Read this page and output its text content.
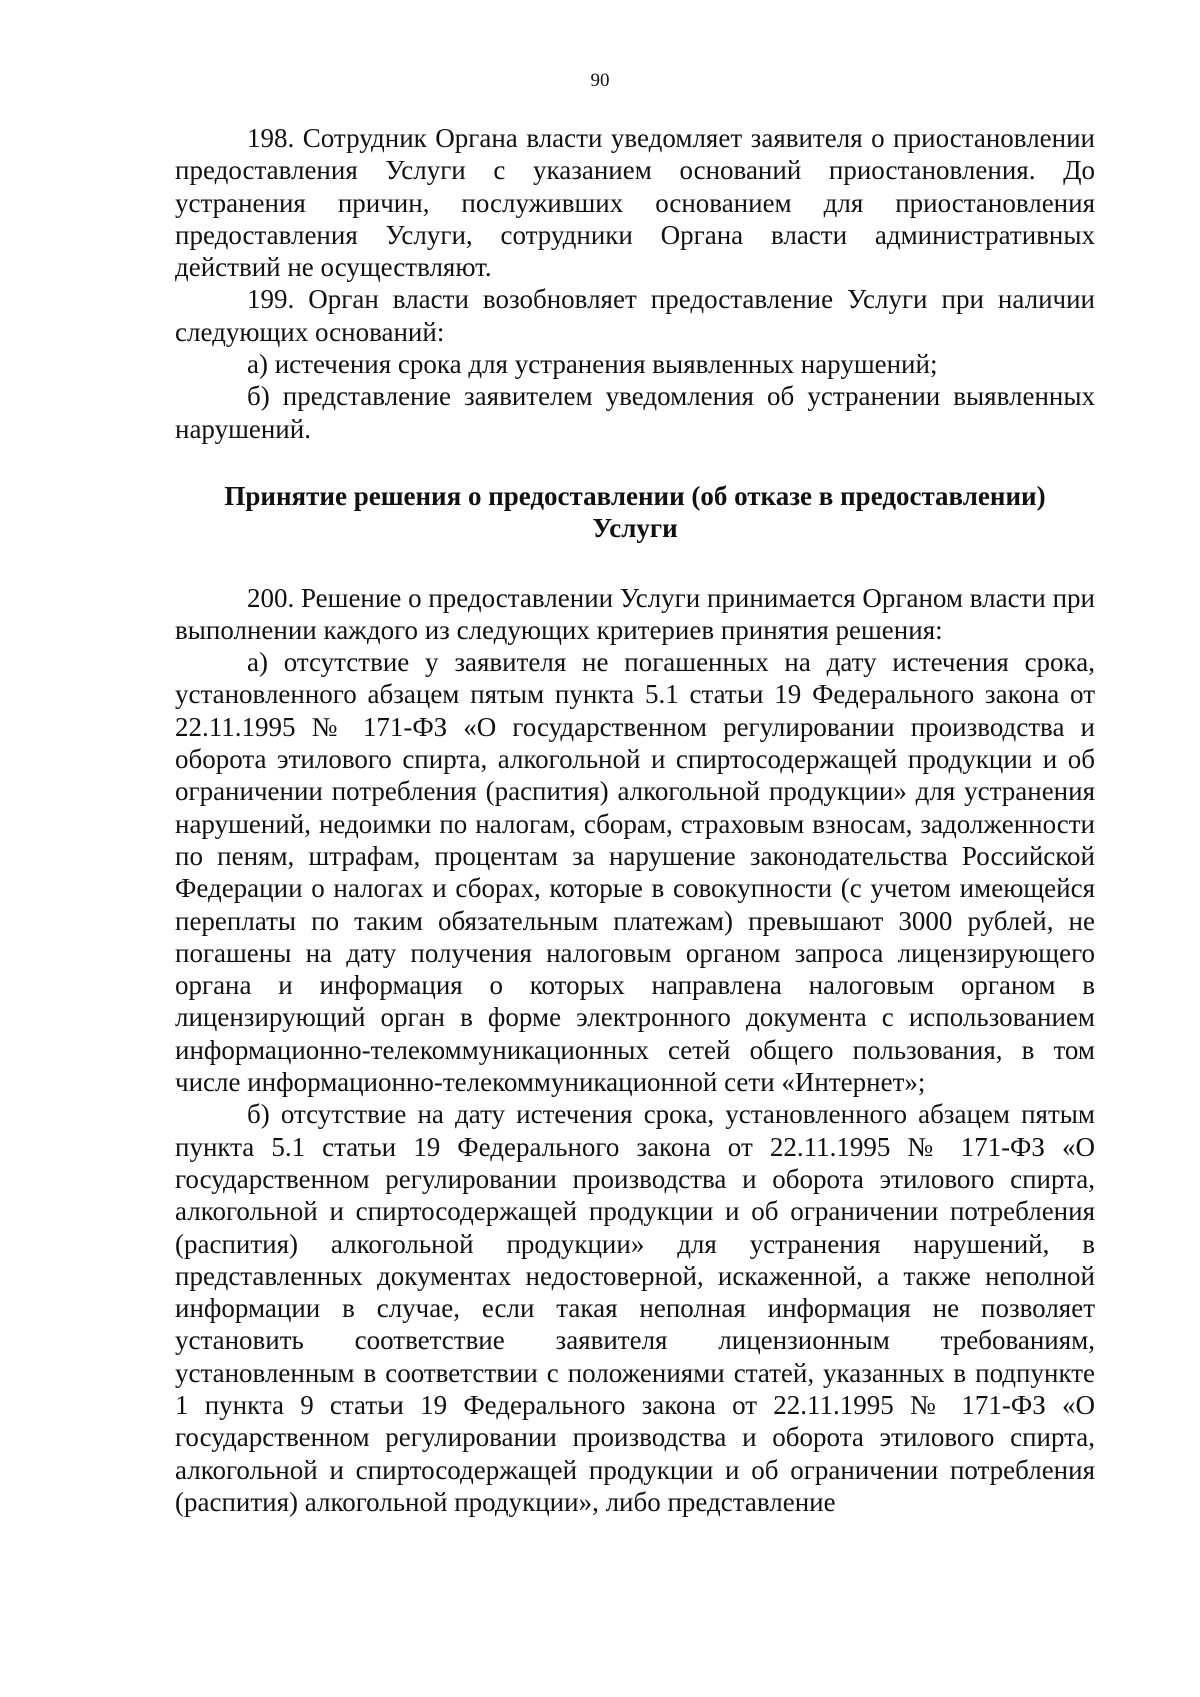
90

198. Сотрудник Органа власти уведомляет заявителя о приостановлении предоставления Услуги с указанием оснований приостановления. До устранения причин, послуживших основанием для приостановления предоставления Услуги, сотрудники Органа власти административных действий не осуществляют.

199. Орган власти возобновляет предоставление Услуги при наличии следующих оснований:

а) истечения срока для устранения выявленных нарушений;

б) представление заявителем уведомления об устранении выявленных нарушений.

Принятие решения о предоставлении (об отказе в предоставлении)
Услуги

200. Решение о предоставлении Услуги принимается Органом власти при выполнении каждого из следующих критериев принятия решения:

а) отсутствие у заявителя не погашенных на дату истечения срока, установленного абзацем пятым пункта 5.1 статьи 19 Федерального закона от 22.11.1995 № 171-ФЗ «О государственном регулировании производства и оборота этилового спирта, алкогольной и спиртосодержащей продукции и об ограничении потребления (распития) алкогольной продукции» для устранения нарушений, недоимки по налогам, сборам, страховым взносам, задолженности по пеням, штрафам, процентам за нарушение законодательства Российской Федерации о налогах и сборах, которые в совокупности (с учетом имеющейся переплаты по таким обязательным платежам) превышают 3000 рублей, не погашены на дату получения налоговым органом запроса лицензирующего органа и информация о которых направлена налоговым органом в лицензирующий орган в форме электронного документа с использованием информационно-телекоммуникационных сетей общего пользования, в том числе информационно-телекоммуникационной сети «Интернет»;

б) отсутствие на дату истечения срока, установленного абзацем пятым пункта 5.1 статьи 19 Федерального закона от 22.11.1995 № 171-ФЗ «О государственном регулировании производства и оборота этилового спирта, алкогольной и спиртосодержащей продукции и об ограничении потребления (распития) алкогольной продукции» для устранения нарушений, в представленных документах недостоверной, искаженной, а также неполной информации в случае, если такая неполная информация не позволяет установить соответствие заявителя лицензионным требованиям, установленным в соответствии с положениями статей, указанных в подпункте 1 пункта 9 статьи 19 Федерального закона от 22.11.1995 № 171-ФЗ «О государственном регулировании производства и оборота этилового спирта, алкогольной и спиртосодержащей продукции и об ограничении потребления (распития) алкогольной продукции», либо представление
